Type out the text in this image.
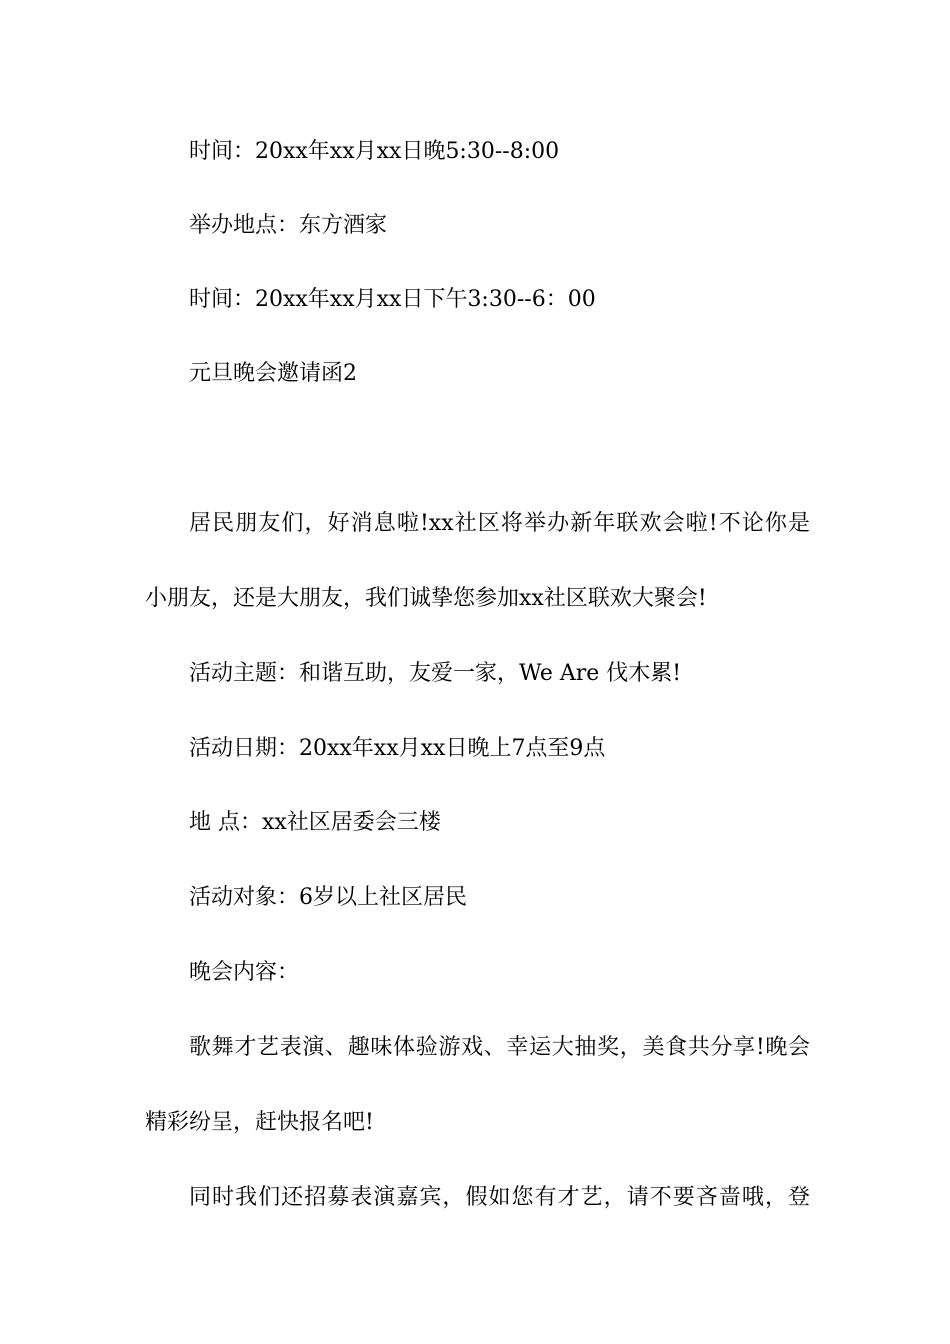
时间：20xx年xx月xx日晚5:30--8:00
举办地点：东方酒家
时间：20xx年xx月xx日下午3:30--6：00
元旦晚会邀请函2
居民朋友们，好消息啦!xx社区将举办新年联欢会啦!不论你是
小朋友，还是大朋友，我们诚挚您参加xx社区联欢大聚会!
活动主题：和谐互助，友爱一家，We Are 伐木累!
活动日期：20xx年xx月xx日晚上7点至9点
地 点：xx社区居委会三楼
活动对象：6岁以上社区居民
晚会内容：
歌舞才艺表演、趣味体验游戏、幸运大抽奖，美食共分享!晚会
精彩纷呈，赶快报名吧!
同时我们还招募表演嘉宾，假如您有才艺，请不要吝啬哦，登
